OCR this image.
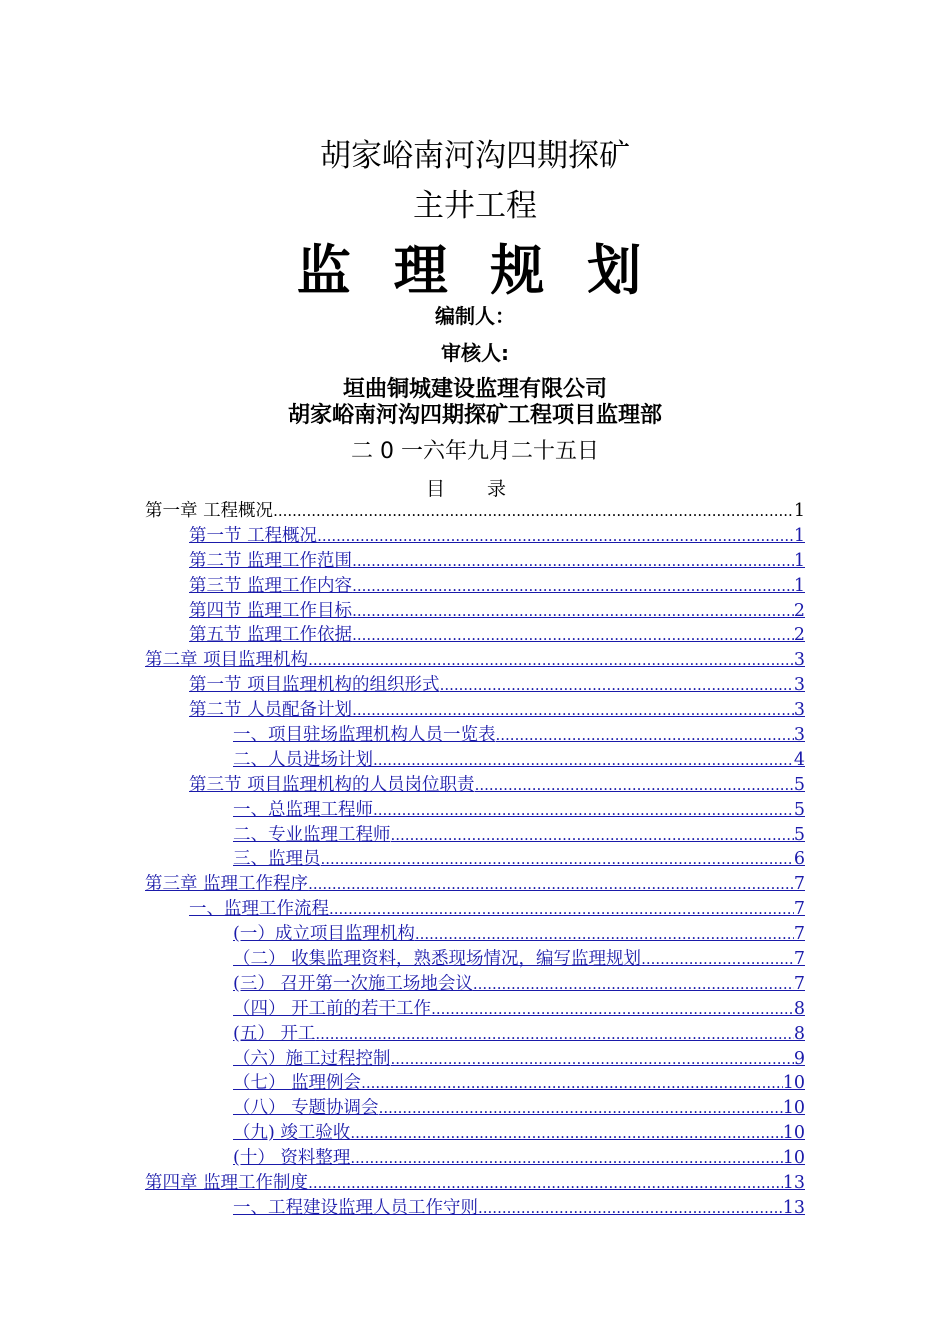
胡家峪南河沟四期探矿
主井工程
监 理 规 划
编制人：
审核人:
垣曲铜城建设监理有限公司
胡家峪南河沟四期探矿工程项目监理部
二 0 一六年九月二十五日
目 录
第一章 工程概况 .....	1
第一节 工程概况 .....	1
第二节 监理工作范围 .....	1
第三节 监理工作内容 .....	1
第四节 监理工作目标 .....	2
第五节 监理工作依据 .....	2
第二章 项目监理机构 .....	3
第一节 项目监理机构的组织形式 .....	3
第二节 人员配备计划 .....	3
一、项目驻场监理机构人员一览表 .....	3
二、人员进场计划 .....	4
第三节 项目监理机构的人员岗位职责 .....	5
一、总监理工程师 .....	5
二、专业监理工程师 .....	5
三、监理员 .....	6
第三章 监理工作程序 .....	7
一、监理工作流程 .....	7
(一）成立项目监理机构 .....	7
（二） 收集监理资料，熟悉现场情况，编写监理规划 .....	7
(三） 召开第一次施工场地会议 .....	7
（四） 开工前的若干工作 .....	8
(五） 开工 .....	8
（六）施工过程控制 .....	9
（七） 监理例会 .....	10
（八） 专题协调会 .....	10
（九) 竣工验收 .....	10
(十） 资料整理 .....	10
第四章 监理工作制度 .....	13
一、工程建设监理人员工作守则 .....	13
